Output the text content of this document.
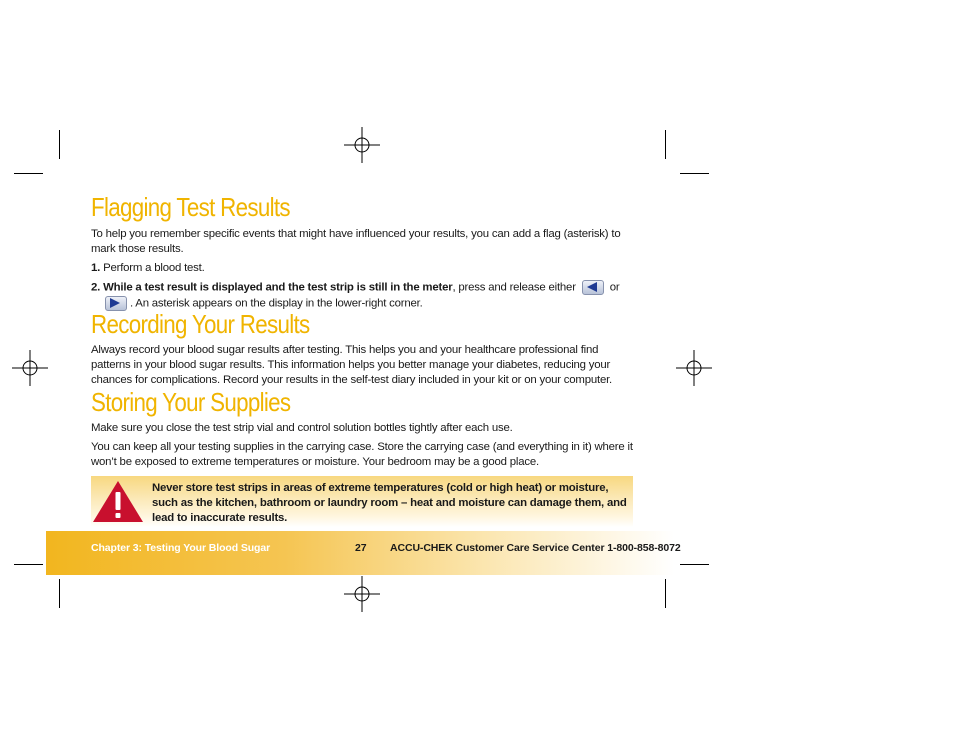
Flagging Test Results

To help you remember specific events that might have influenced your results, you can add a flag (asterisk) to mark those results.

1. Perform a blood test.

2. While a test result is displayed and the test strip is still in the meter, press and release either	or

. An asterisk appears on the display in the lower-right corner.

Recording Your Results

Always record your blood sugar results after testing. This helps you and your healthcare professional find patterns in your blood sugar results. This information helps you better manage your diabetes, reducing your chances for complications. Record your results in the self-test diary included in your kit or on your computer.

Storing Your Supplies

Make sure you close the test strip vial and control solution bottles tightly after each use.

You can keep all your testing supplies in the carrying case. Store the carrying case (and everything in it) where it won’t be exposed to extreme temperatures or moisture. Your bedroom may be a good place.

Never store test strips in areas of extreme temperatures (cold or high heat) or moisture, such as the kitchen, bathroom or laundry room – heat and moisture can damage them, and lead to inaccurate results.
Chapter 3: Testing Your Blood Sugar	27 ACCU-CHEK Customer Care Service Center 1-800-858-8072
